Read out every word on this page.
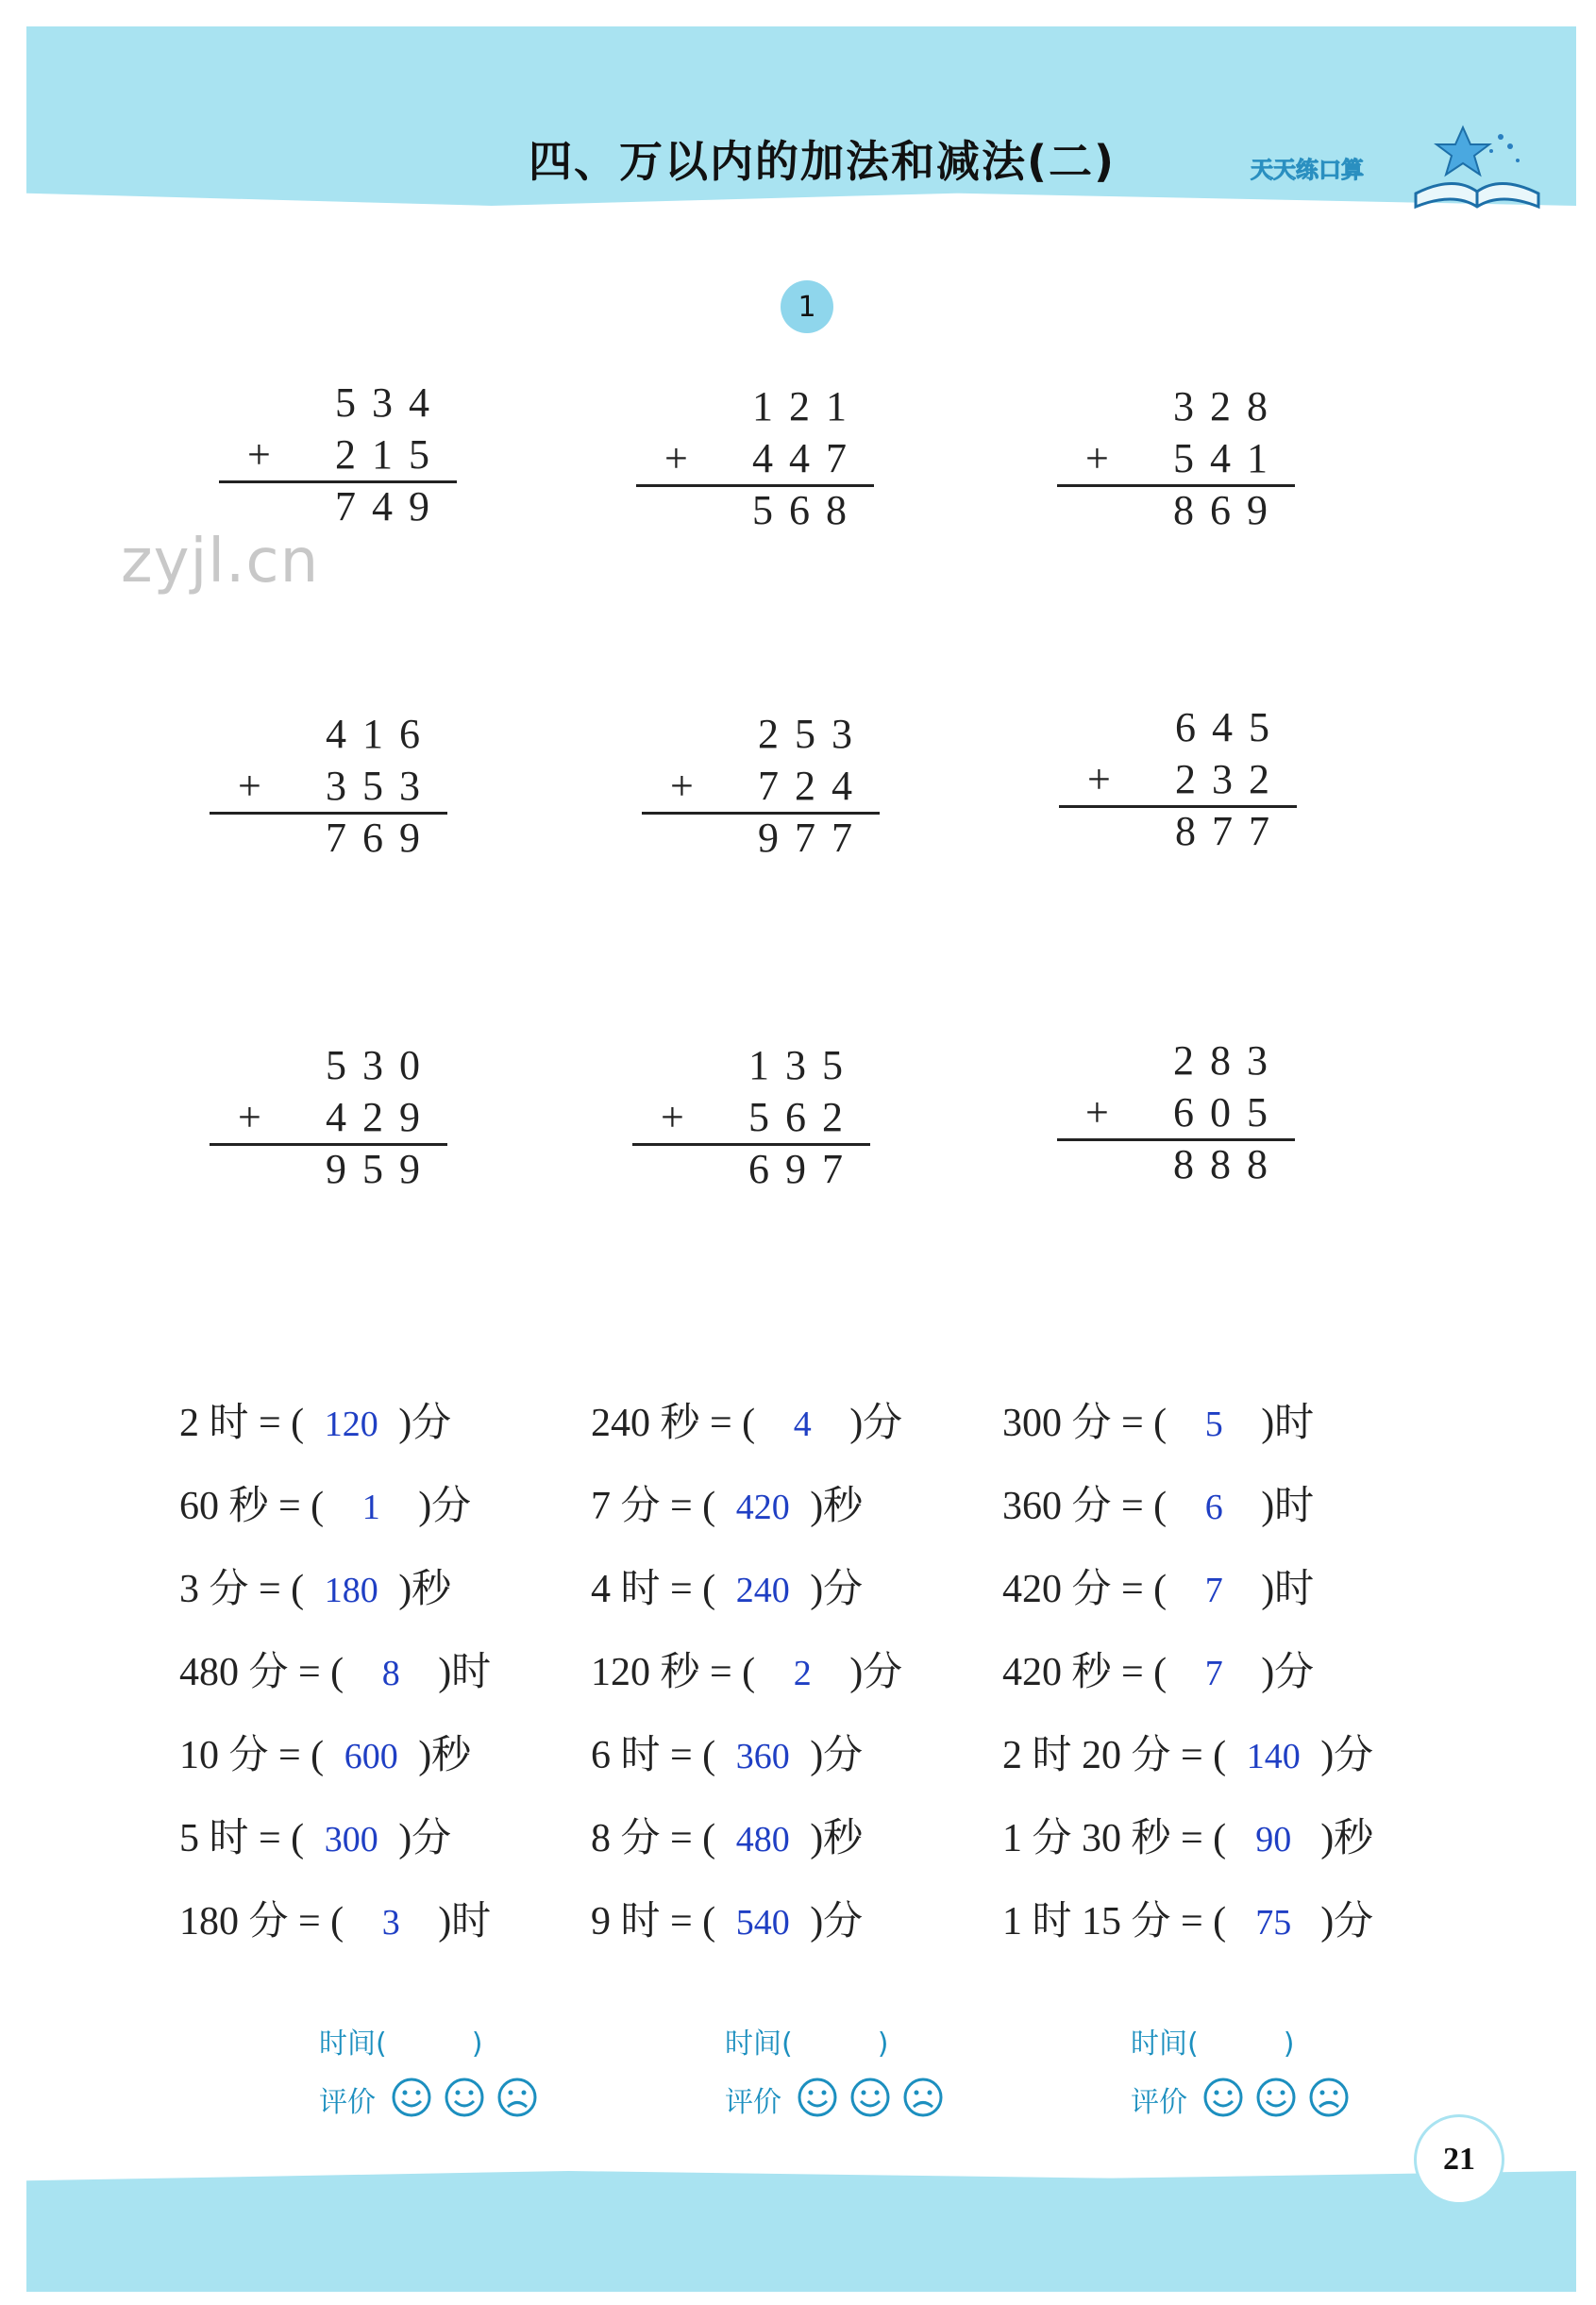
四、万以内的加法和减法(二)	天天练口算
zyjl.cn
1
534
+ 215
749
121
+ 447
568
328
+ 541
869
416
+ 353
769
253
+ 724
977
645
+ 232
877
530
+ 429
959
135
+ 562
697
283
+ 605
888
2 时 = ( 120 )分	240 秒 = ( 4 )分	300 分 = ( 5 )时
60 秒 = ( 1 )分	7 分 = ( 420 )秒	360 分 = ( 6 )时
3 分 = ( 180 )秒	4 时 = ( 240 )分	420 分 = ( 7 )时
480 分 = ( 8 )时	120 秒 = ( 2 )分	420 秒 = ( 7 )分
10 分 = ( 600 )秒	6 时 = ( 360 )分	2 时 20 分 = ( 140 )分
5 时 = ( 300 )分	8 分 = ( 480 )秒	1 分 30 秒 = ( 90 )秒
180 分 = ( 3 )时	9 时 = ( 540 )分	1 时 15 分 = ( 75 )分
时间(　　　)
评价
时间(　　　)
评价
时间(　　　)
评价
21
